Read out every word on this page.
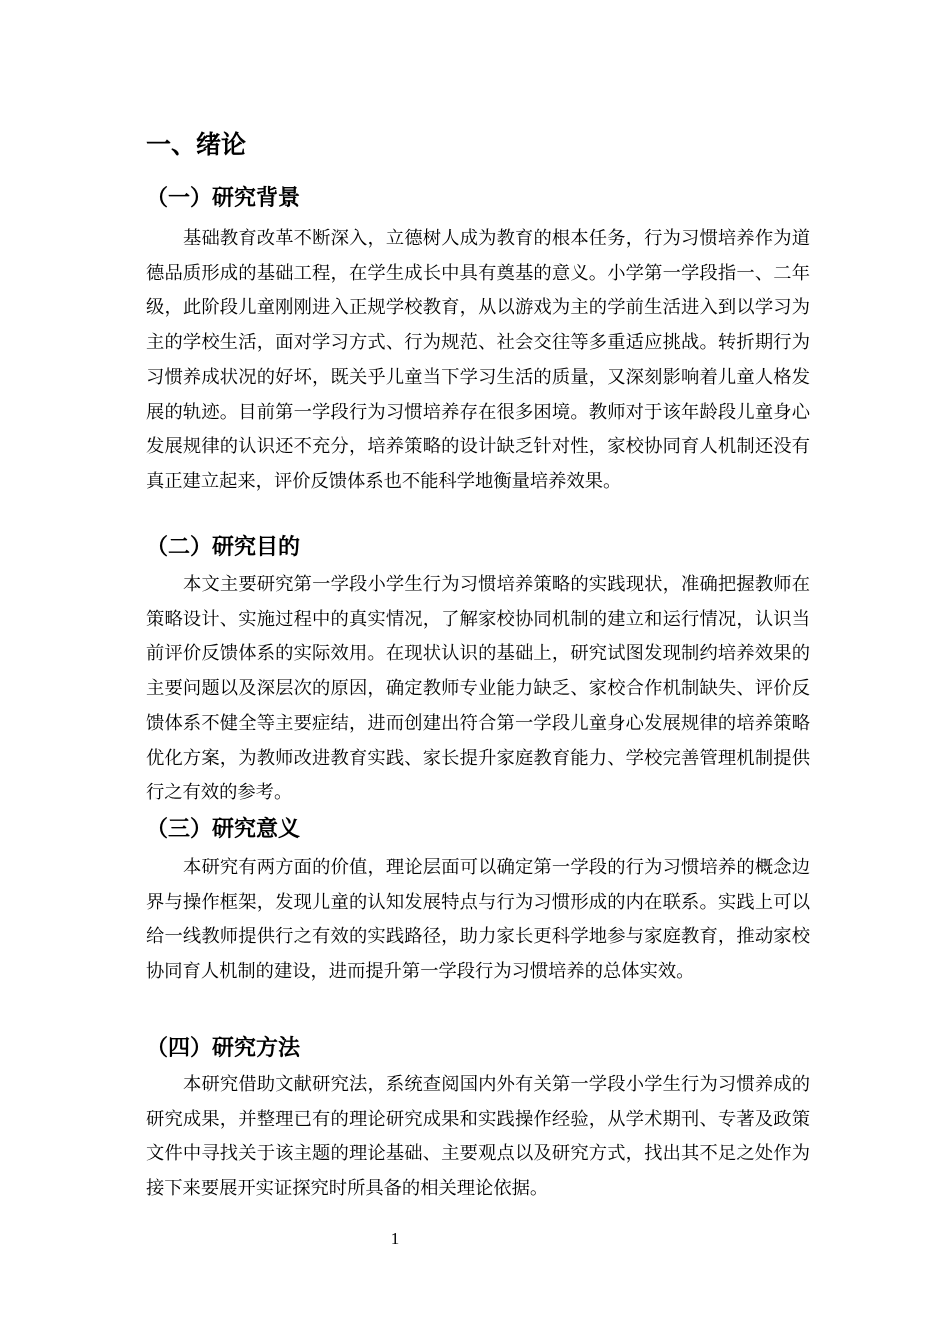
一、绪论
（一）研究背景

基础教育改革不断深入，立德树人成为教育的根本任务，行为习惯培养作为道德品质形成的基础工程，在学生成长中具有奠基的意义。小学第一学段指一、二年级，此阶段儿童刚刚进入正规学校教育，从以游戏为主的学前生活进入到以学习为主的学校生活，面对学习方式、行为规范、社会交往等多重适应挑战。转折期行为习惯养成状况的好坏，既关乎儿童当下学习生活的质量，又深刻影响着儿童人格发展的轨迹。目前第一学段行为习惯培养存在很多困境。教师对于该年龄段儿童身心发展规律的认识还不充分，培养策略的设计缺乏针对性，家校协同育人机制还没有真正建立起来，评价反馈体系也不能科学地衡量培养效果。

（二）研究目的

本文主要研究第一学段小学生行为习惯培养策略的实践现状，准确把握教师在策略设计、实施过程中的真实情况，了解家校协同机制的建立和运行情况，认识当前评价反馈体系的实际效用。在现状认识的基础上，研究试图发现制约培养效果的主要问题以及深层次的原因，确定教师专业能力缺乏、家校合作机制缺失、评价反馈体系不健全等主要症结，进而创建出符合第一学段儿童身心发展规律的培养策略优化方案，为教师改进教育实践、家长提升家庭教育能力、学校完善管理机制提供行之有效的参考。

（三）研究意义

本研究有两方面的价值，理论层面可以确定第一学段的行为习惯培养的概念边界与操作框架，发现儿童的认知发展特点与行为习惯形成的内在联系。实践上可以给一线教师提供行之有效的实践路径，助力家长更科学地参与家庭教育，推动家校协同育人机制的建设，进而提升第一学段行为习惯培养的总体实效。

（四）研究方法

本研究借助文献研究法，系统查阅国内外有关第一学段小学生行为习惯养成的研究成果，并整理已有的理论研究成果和实践操作经验，从学术期刊、专著及政策文件中寻找关于该主题的理论基础、主要观点以及研究方式，找出其不足之处作为接下来要展开实证探究时所具备的相关理论依据。

1
